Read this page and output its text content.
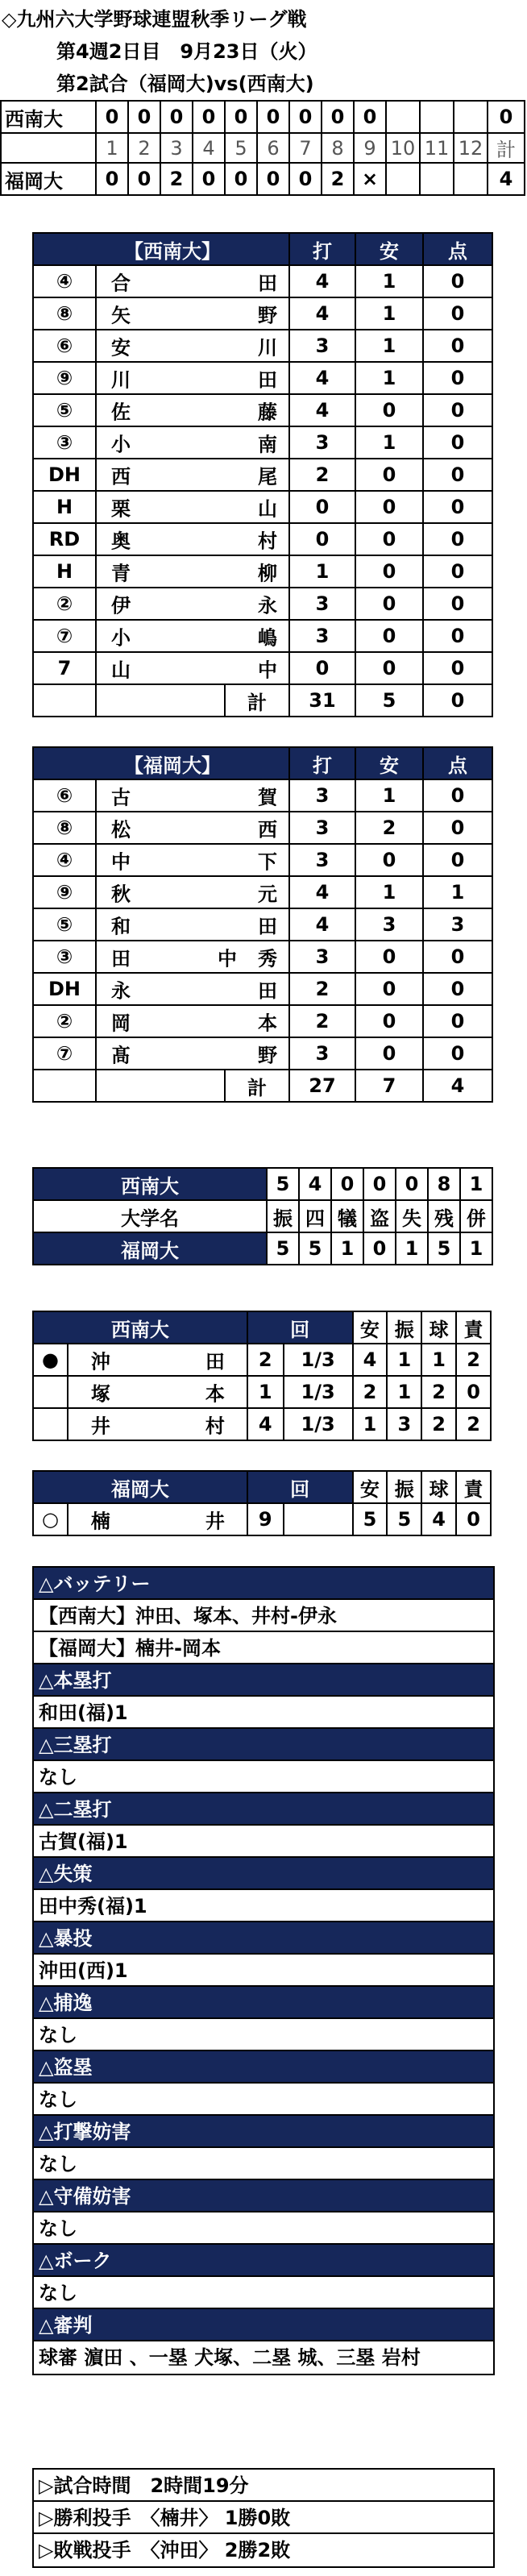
◇九州六大学野球連盟秋季リーグ戦
第4週2日目　9月23日（火）
第2試合（福岡大)vs(西南大)
西南大	0	0	0	0	0	0	0	0	0				0
	1	2	3	4	5	6	7	8	9	10	11	12	計
福岡大	0	0	2	0	0	0	0	2	×				4
【西南大】			打	安	点
④	合 田		4	1	0
⑧	矢 野		4	1	0
⑥	安 川		3	1	0
⑨	川 田		4	1	0
⑤	佐 藤		4	0	0
③	小 南		3	1	0
DH	西 尾		2	0	0
H	栗 山		0	0	0
RD	奥 村		0	0	0
H	青 柳		1	0	0
②	伊 永		3	0	0
⑦	小 嶋		3	0	0
7	山 中		0	0	0
		計	31	5	0
【福岡大】			打	安	点
⑥	古 賀		3	1	0
⑧	松 西		3	2	0
④	中 下		3	0	0
⑨	秋 元		4	1	1
⑤	和 田		4	3	3
③	田 中 秀		3	0	0
DH	永 田		2	0	0
②	岡 本		2	0	0
⑦	髙 野		3	0	0
		計	27	7	4
西南大	5	4	0	0	0	8	1
大学名	振	四	犠	盗	失	残	併
福岡大	5	5	1	0	1	5	1
西南大		回		安	振	球	責
●	沖 田	2	1/3	4	1	1	2

	塚 本	1	1/3	2	1	2	0

	井 村	4	1/3	1	3	2	2
福岡大		回		安	振	球	責
○	楠 井	9		5	5	4	0
△バッテリー
【西南大】沖田、塚本、井村-伊永
【福岡大】楠井-岡本
△本塁打
和田(福)1
△三塁打
なし
△二塁打
古賀(福)1
△失策
田中秀(福)1
△暴投
沖田(西)1
△捕逸
なし
△盗塁
なし
△打撃妨害
なし
△守備妨害
なし
△ボーク
なし
△審判
球審 濵田 、一塁 犬塚、二塁 城、三塁 岩村
▷試合時間　2時間19分
▷勝利投手　〈楠井〉 1勝0敗
▷敗戦投手　〈沖田〉 2勝2敗
